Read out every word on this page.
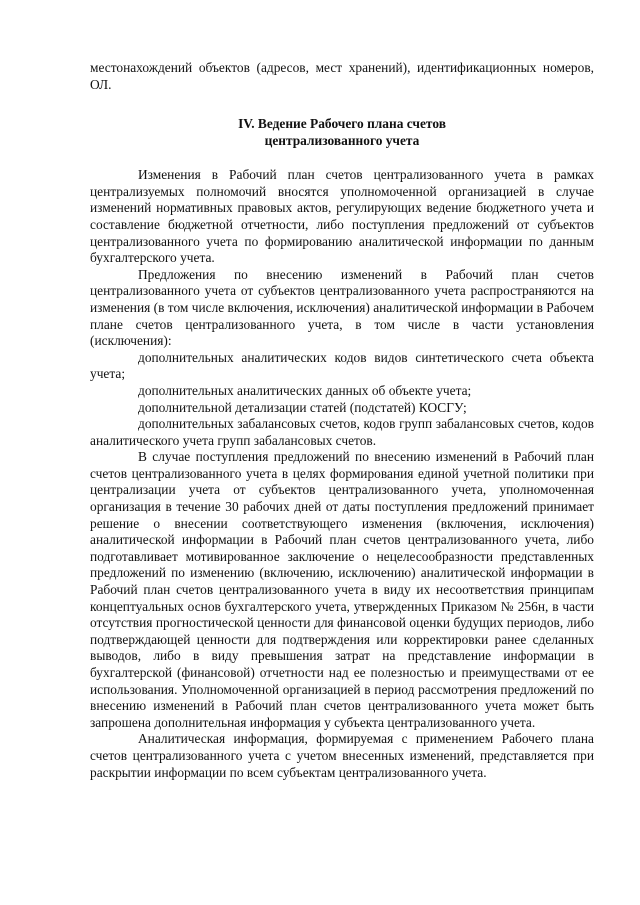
местонахождений объектов (адресов, мест хранений), идентификационных номеров, ОЛ.

IV. Ведение Рабочего плана счетов
централизованного учета

Изменения в Рабочий план счетов централизованного учета в рамках централизуемых полномочий вносятся уполномоченной организацией в случае изменений нормативных правовых актов, регулирующих ведение бюджетного учета и составление бюджетной отчетности, либо поступления предложений от субъектов централизованного учета по формированию аналитической информации по данным бухгалтерского учета.

Предложения по внесению изменений в Рабочий план счетов централизованного учета от субъектов централизованного учета распространяются на изменения (в том числе включения, исключения) аналитической информации в Рабочем плане счетов централизованного учета, в том числе в части установления (исключения):

дополнительных аналитических кодов видов синтетического счета объекта учета;

дополнительных аналитических данных об объекте учета;

дополнительной детализации статей (подстатей) КОСГУ;

дополнительных забалансовых счетов, кодов групп забалансовых счетов, кодов аналитического учета групп забалансовых счетов.

В случае поступления предложений по внесению изменений в Рабочий план счетов централизованного учета в целях формирования единой учетной политики при централизации учета от субъектов централизованного учета, уполномоченная организация в течение 30 рабочих дней от даты поступления предложений принимает решение о внесении соответствующего изменения (включения, исключения) аналитической информации в Рабочий план счетов централизованного учета, либо подготавливает мотивированное заключение о нецелесообразности представленных предложений по изменению (включению, исключению) аналитической информации в Рабочий план счетов централизованного учета в виду их несоответствия принципам концептуальных основ бухгалтерского учета, утвержденных Приказом № 256н, в части отсутствия прогностической ценности для финансовой оценки будущих периодов, либо подтверждающей ценности для подтверждения или корректировки ранее сделанных выводов, либо в виду превышения затрат на представление информации в бухгалтерской (финансовой) отчетности над ее полезностью и преимуществами от ее использования. Уполномоченной организацией в период рассмотрения предложений по внесению изменений в Рабочий план счетов централизованного учета может быть запрошена дополнительная информация у субъекта централизованного учета.

Аналитическая информация, формируемая с применением Рабочего плана счетов централизованного учета с учетом внесенных изменений, представляется при раскрытии информации по всем субъектам централизованного учета.
